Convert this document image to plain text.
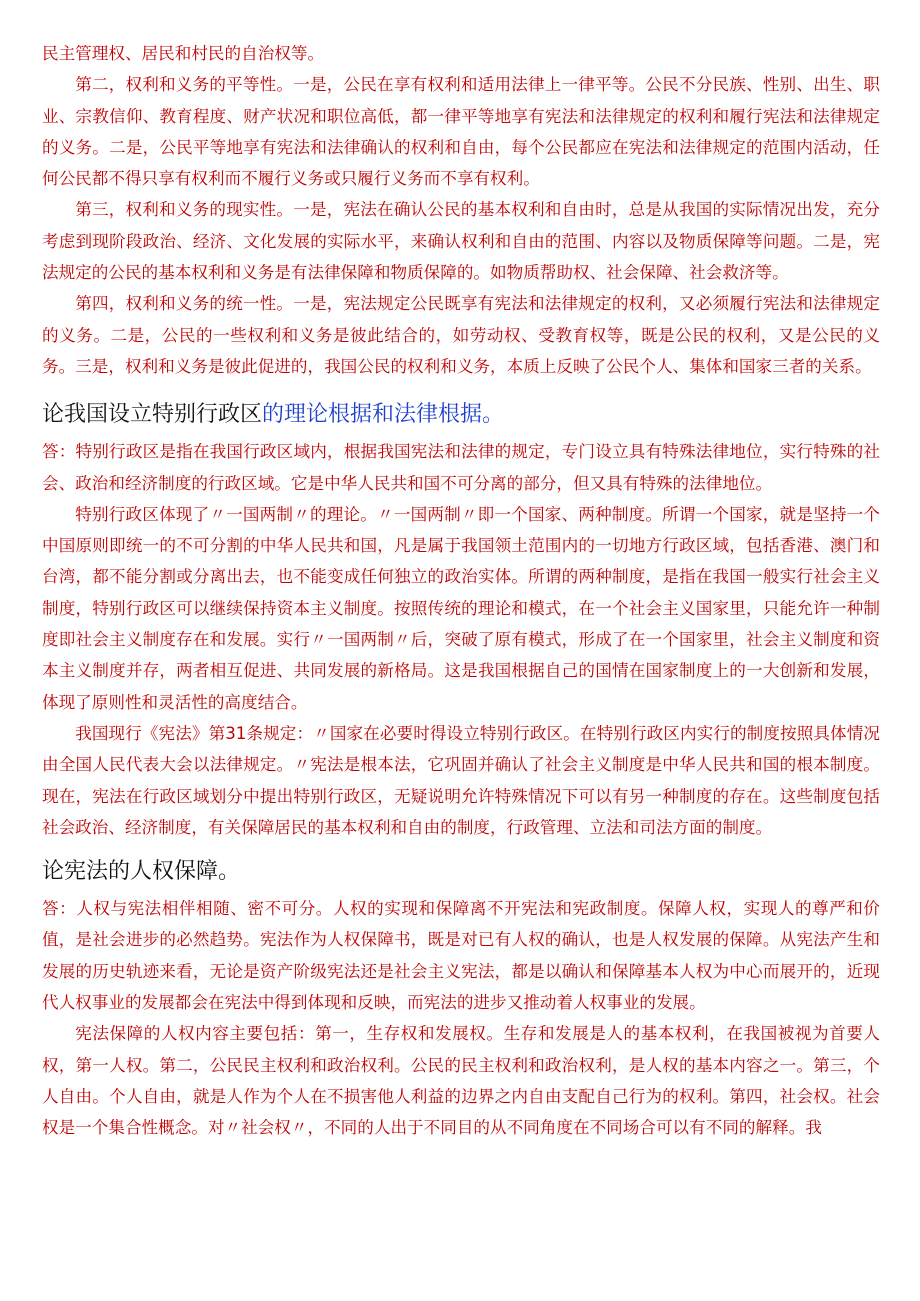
民主管理权、居民和村民的自治权等。

第二，权利和义务的平等性。一是，公民在享有权利和适用法律上一律平等。公民不分民族、性别、出生、职业、宗教信仰、教育程度、财产状况和职位高低，都一律平等地享有宪法和法律规定的权利和履行宪法和法律规定的义务。二是，公民平等地享有宪法和法律确认的权利和自由，每个公民都应在宪法和法律规定的范围内活动，任何公民都不得只享有权利而不履行义务或只履行义务而不享有权利。

第三，权利和义务的现实性。一是，宪法在确认公民的基本权利和自由时，总是从我国的实际情况出发，充分考虑到现阶段政治、经济、文化发展的实际水平，来确认权利和自由的范围、内容以及物质保障等问题。二是，宪法规定的公民的基本权利和义务是有法律保障和物质保障的。如物质帮助权、社会保障、社会救济等。

第四，权利和义务的统一性。一是，宪法规定公民既享有宪法和法律规定的权利，又必须履行宪法和法律规定的义务。二是，公民的一些权利和义务是彼此结合的，如劳动权、受教育权等，既是公民的权利，又是公民的义务。三是，权利和义务是彼此促进的，我国公民的权利和义务，本质上反映了公民个人、集体和国家三者的关系。

论我国设立特别行政区的理论根据和法律根据。

答：特别行政区是指在我国行政区域内，根据我国宪法和法律的规定，专门设立具有特殊法律地位，实行特殊的社会、政治和经济制度的行政区域。它是中华人民共和国不可分离的部分，但又具有特殊的法律地位。

特别行政区体现了〃一国两制〃的理论。〃一国两制〃即一个国家、两种制度。所谓一个国家，就是坚持一个中国原则即统一的不可分割的中华人民共和国，凡是属于我国领土范围内的一切地方行政区域，包括香港、澳门和台湾，都不能分割或分离出去，也不能变成任何独立的政治实体。所谓的两种制度，是指在我国一般实行社会主义制度，特别行政区可以继续保持资本主义制度。按照传统的理论和模式，在一个社会主义国家里，只能允许一种制度即社会主义制度存在和发展。实行〃一国两制〃后，突破了原有模式，形成了在一个国家里，社会主义制度和资本主义制度并存，两者相互促进、共同发展的新格局。这是我国根据自己的国情在国家制度上的一大创新和发展，体现了原则性和灵活性的高度结合。

我国现行《宪法》第31条规定：〃国家在必要时得设立特别行政区。在特别行政区内实行的制度按照具体情况由全国人民代表大会以法律规定。〃宪法是根本法，它巩固并确认了社会主义制度是中华人民共和国的根本制度。现在，宪法在行政区域划分中提出特别行政区，无疑说明允许特殊情况下可以有另一种制度的存在。这些制度包括社会政治、经济制度，有关保障居民的基本权利和自由的制度，行政管理、立法和司法方面的制度。

论宪法的人权保障。

答：人权与宪法相伴相随、密不可分。人权的实现和保障离不开宪法和宪政制度。保障人权，实现人的尊严和价值，是社会进步的必然趋势。宪法作为人权保障书，既是对已有人权的确认，也是人权发展的保障。从宪法产生和发展的历史轨迹来看，无论是资产阶级宪法还是社会主义宪法，都是以确认和保障基本人权为中心而展开的，近现代人权事业的发展都会在宪法中得到体现和反映，而宪法的进步又推动着人权事业的发展。

宪法保障的人权内容主要包括：第一，生存权和发展权。生存和发展是人的基本权利，在我国被视为首要人权，第一人权。第二，公民民主权利和政治权利。公民的民主权利和政治权利，是人权的基本内容之一。第三，个人自由。个人自由，就是人作为个人在不损害他人利益的边界之内自由支配自己行为的权利。第四，社会权。社会权是一个集合性概念。对〃社会权〃，不同的人出于不同目的从不同角度在不同场合可以有不同的解释。我
